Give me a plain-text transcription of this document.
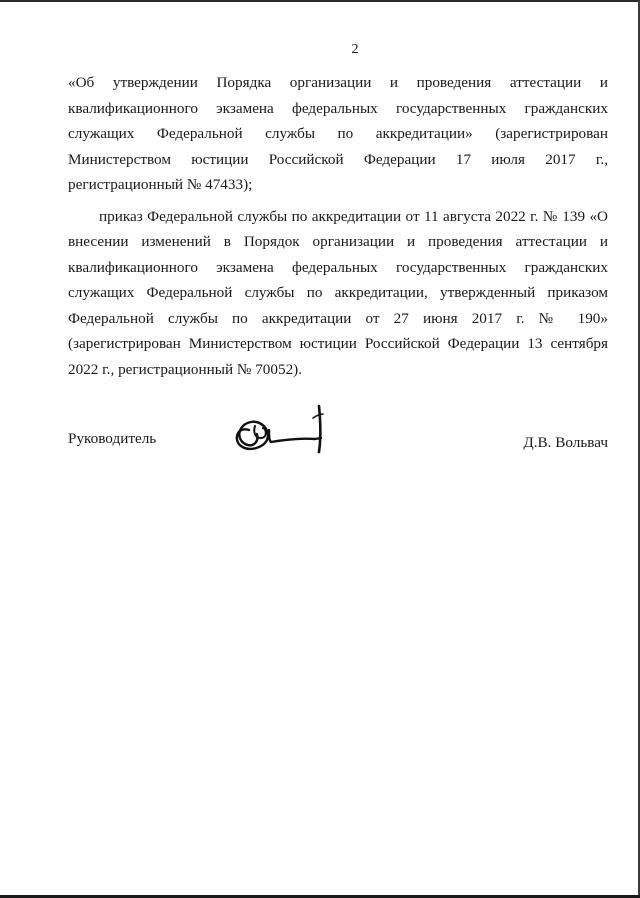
2

«Об утверждении Порядка организации и проведения аттестации и квалификационного экзамена федеральных государственных гражданских служащих Федеральной службы по аккредитации» (зарегистрирован Министерством юстиции Российской Федерации 17 июля 2017 г., регистрационный № 47433);

приказ Федеральной службы по аккредитации от 11 августа 2022 г. № 139 «О внесении изменений в Порядок организации и проведения аттестации и квалификационного экзамена федеральных государственных гражданских служащих Федеральной службы по аккредитации, утвержденный приказом Федеральной службы по аккредитации от 27 июня 2017 г. № 190» (зарегистрирован Министерством юстиции Российской Федерации 13 сентября 2022 г., регистрационный № 70052).

Руководитель	Д.В. Вольвач
